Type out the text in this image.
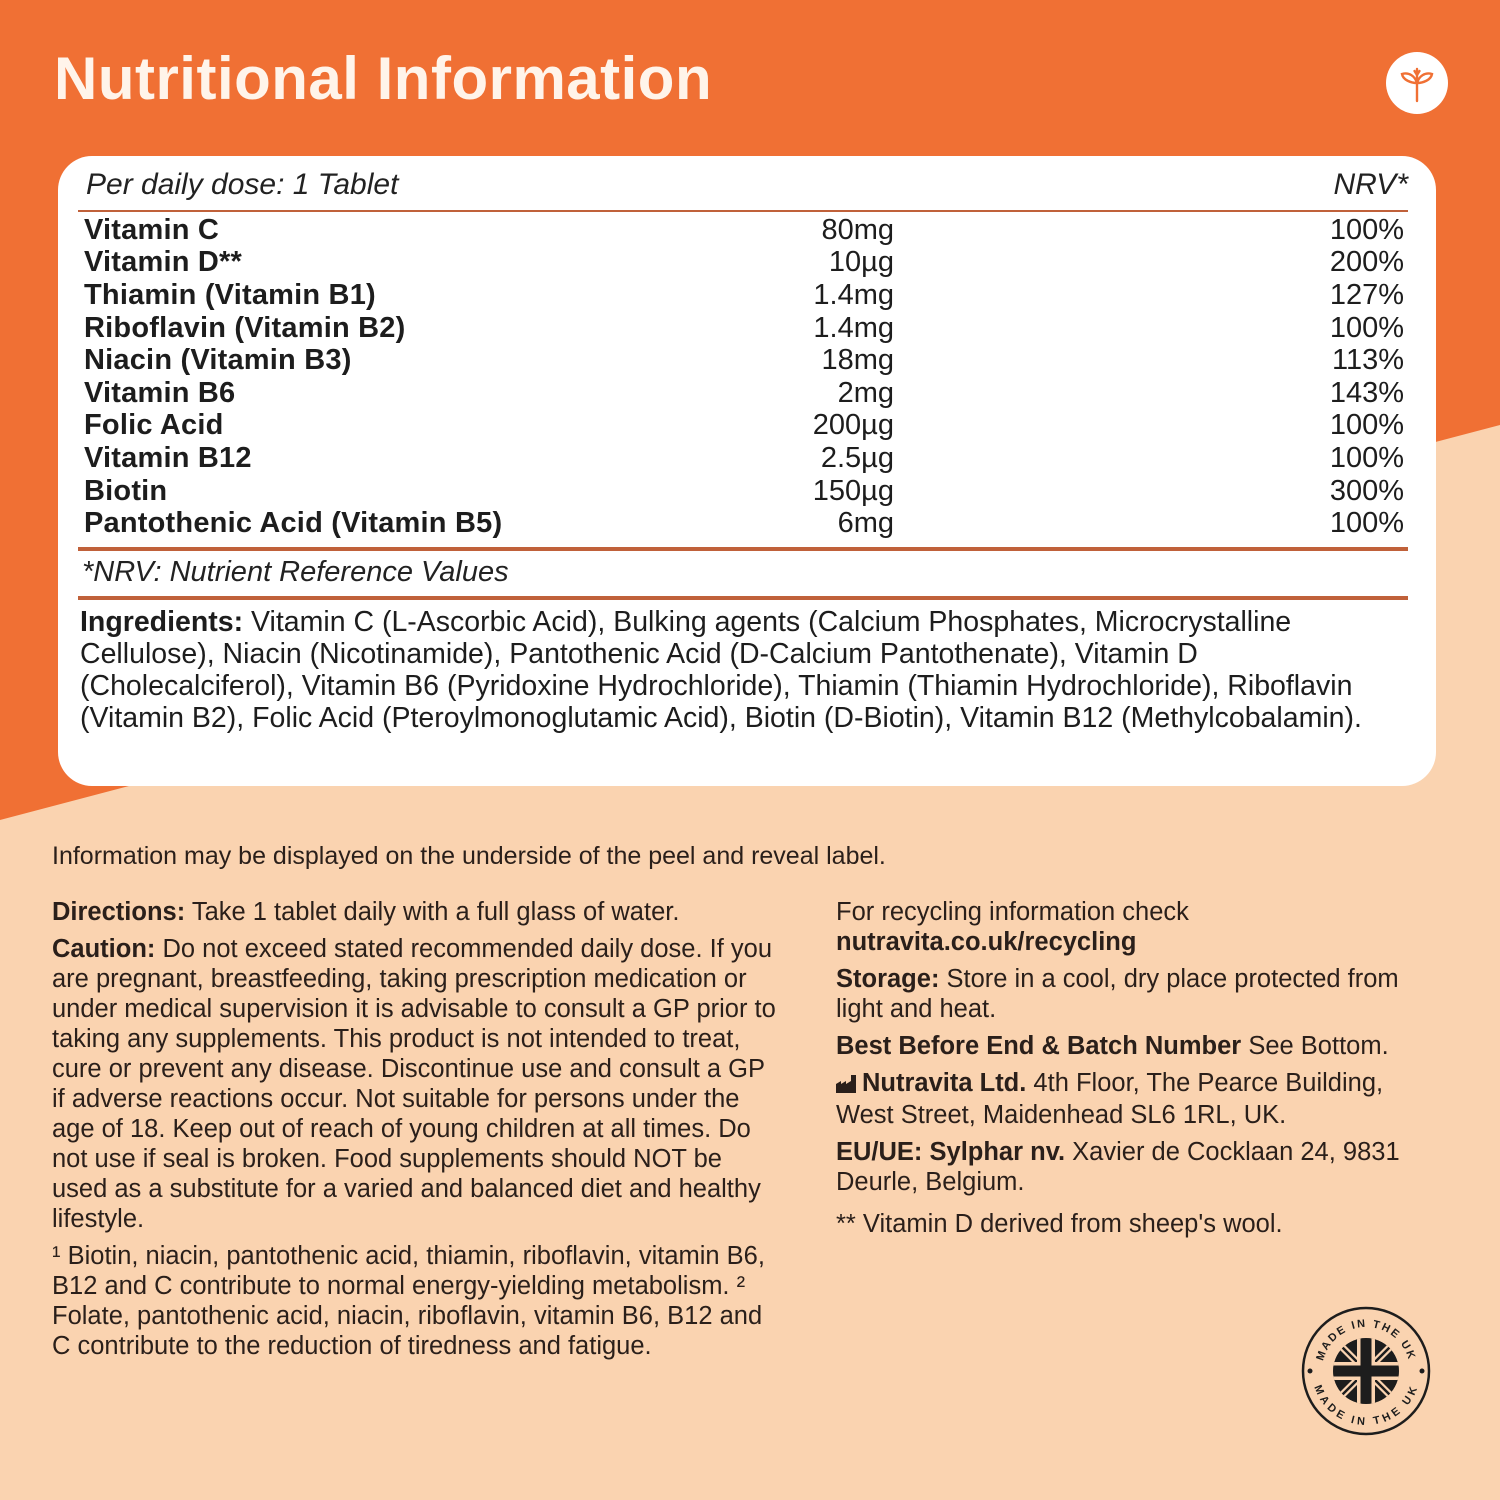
Nutritional Information
Per daily dose: 1 Tablet	NRV*
Vitamin C	80mg	100%
Vitamin D**	10µg	200%
Thiamin (Vitamin B1)	1.4mg	127%
Riboflavin (Vitamin B2)	1.4mg	100%
Niacin (Vitamin B3)	18mg	113%
Vitamin B6	2mg	143%
Folic Acid	200µg	100%
Vitamin B12	2.5µg	100%
Biotin	150µg	300%
Pantothenic Acid (Vitamin B5)	6mg	100%
*NRV: Nutrient Reference Values

Ingredients: Vitamin C (L-Ascorbic Acid), Bulking agents (Calcium Phosphates, Microcrystalline Cellulose), Niacin (Nicotinamide), Pantothenic Acid (D-Calcium Pantothenate), Vitamin D (Cholecalciferol), Vitamin B6 (Pyridoxine Hydrochloride), Thiamin (Thiamin Hydrochloride), Riboflavin (Vitamin B2), Folic Acid (Pteroylmonoglutamic Acid), Biotin (D-Biotin), Vitamin B12 (Methylcobalamin).

Information may be displayed on the underside of the peel and reveal label.

Directions: Take 1 tablet daily with a full glass of water.

Caution: Do not exceed stated recommended daily dose. If you are pregnant, breastfeeding, taking prescription medication or under medical supervision it is advisable to consult a GP prior to taking any supplements. This product is not intended to treat, cure or prevent any disease. Discontinue use and consult a GP if adverse reactions occur. Not suitable for persons under the age of 18. Keep out of reach of young children at all times. Do not use if seal is broken. Food supplements should NOT be used as a substitute for a varied and balanced diet and healthy lifestyle.

¹ Biotin, niacin, pantothenic acid, thiamin, riboflavin, vitamin B6, B12 and C contribute to normal energy-yielding metabolism. ² Folate, pantothenic acid, niacin, riboflavin, vitamin B6, B12 and C contribute to the reduction of tiredness and fatigue.

For recycling information check
nutravita.co.uk/recycling

Storage: Store in a cool, dry place protected from light and heat.

Best Before End & Batch Number See Bottom.

Nutravita Ltd. 4th Floor, The Pearce Building, West Street, Maidenhead SL6 1RL, UK.

EU/UE: Sylphar nv. Xavier de Cocklaan 24, 9831 Deurle, Belgium.

** Vitamin D derived from sheep's wool.

MADE IN THE UK
MADE IN THE UK
